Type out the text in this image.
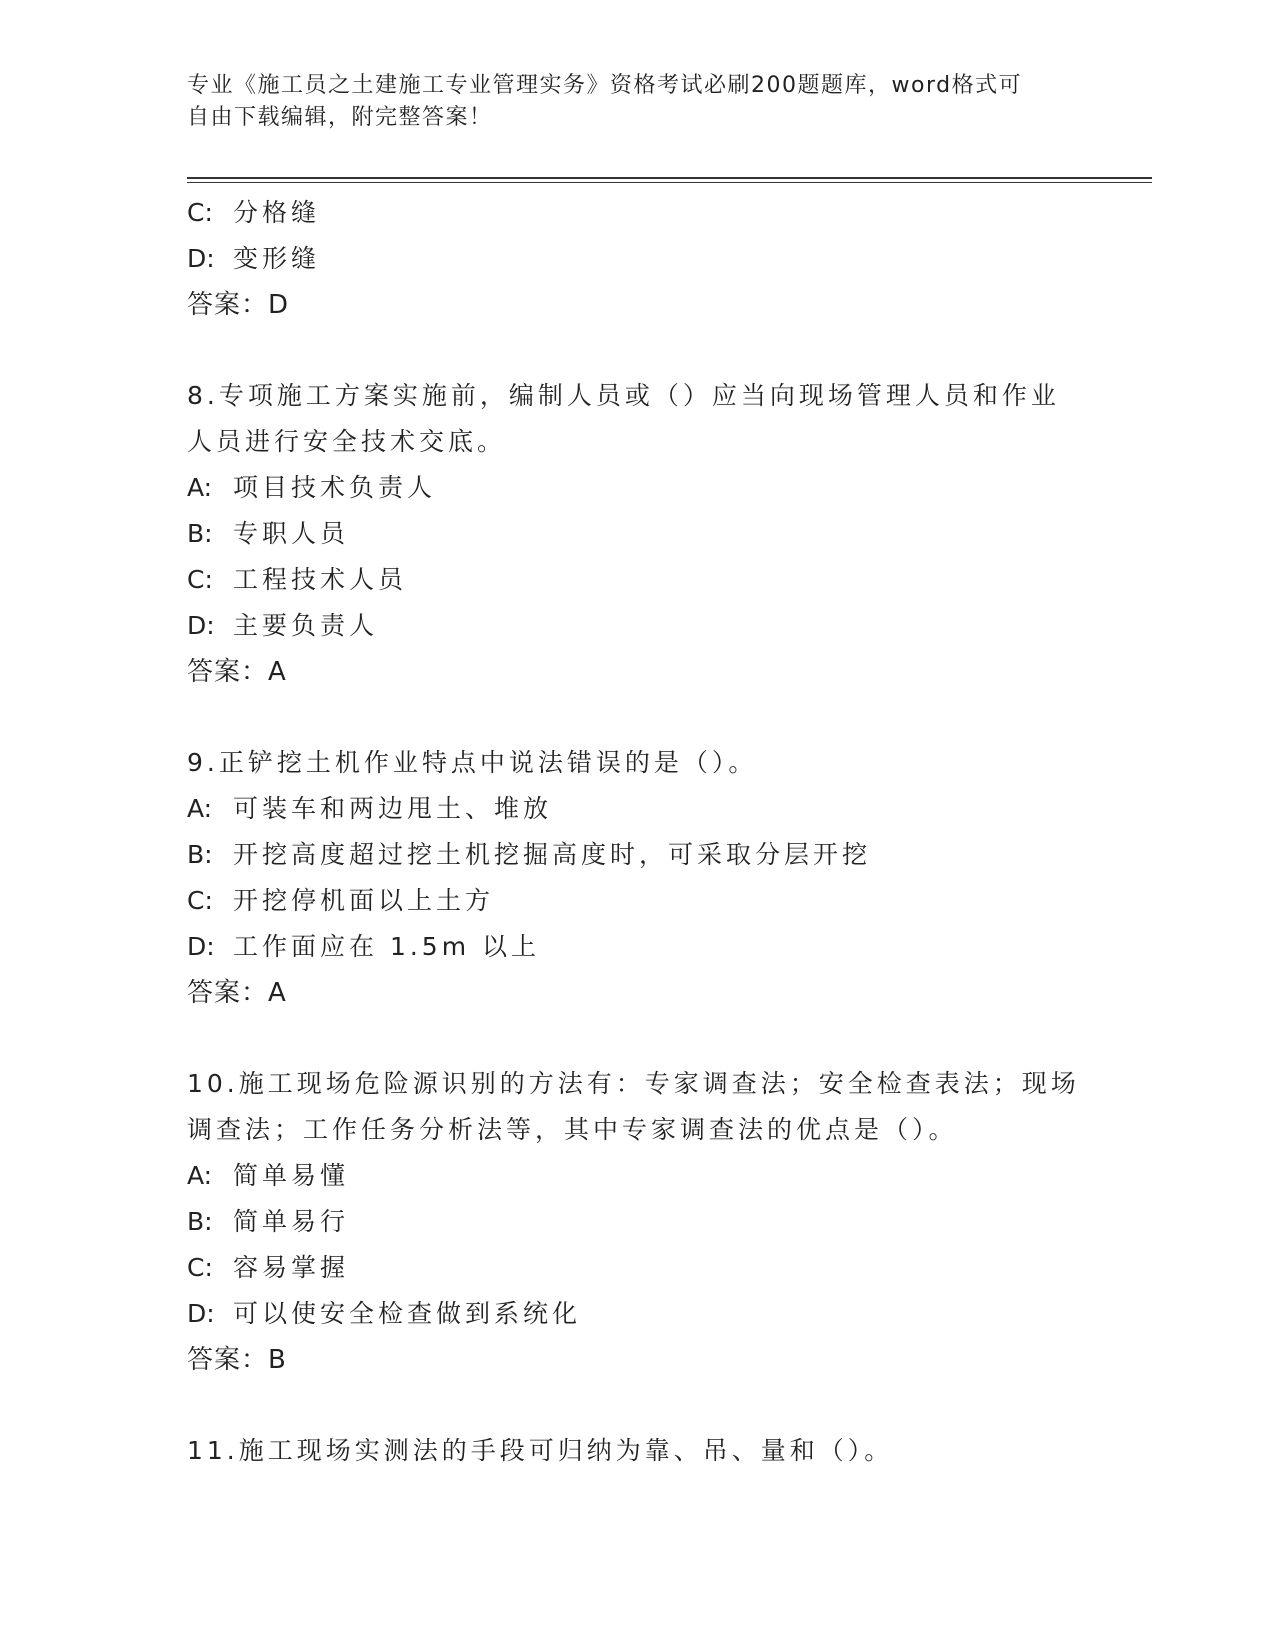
专业《施工员之土建施工专业管理实务》资格考试必刷200题题库，word格式可
自由下载编辑，附完整答案！
C: 分格缝
D: 变形缝
答案：D
8.专项施工方案实施前，编制人员或（）应当向现场管理人员和作业
人员进行安全技术交底。
A: 项目技术负责人
B: 专职人员
C: 工程技术人员
D: 主要负责人
答案：A
9.正铲挖土机作业特点中说法错误的是（）。
A: 可装车和两边甩土、堆放
B: 开挖高度超过挖土机挖掘高度时，可采取分层开挖
C: 开挖停机面以上土方
D: 工作面应在 1.5m 以上
答案：A
10.施工现场危险源识别的方法有：专家调查法；安全检查表法；现场
调查法；工作任务分析法等，其中专家调查法的优点是（）。
A: 简单易懂
B: 简单易行
C: 容易掌握
D: 可以使安全检查做到系统化
答案：B
11.施工现场实测法的手段可归纳为靠、吊、量和（）。
